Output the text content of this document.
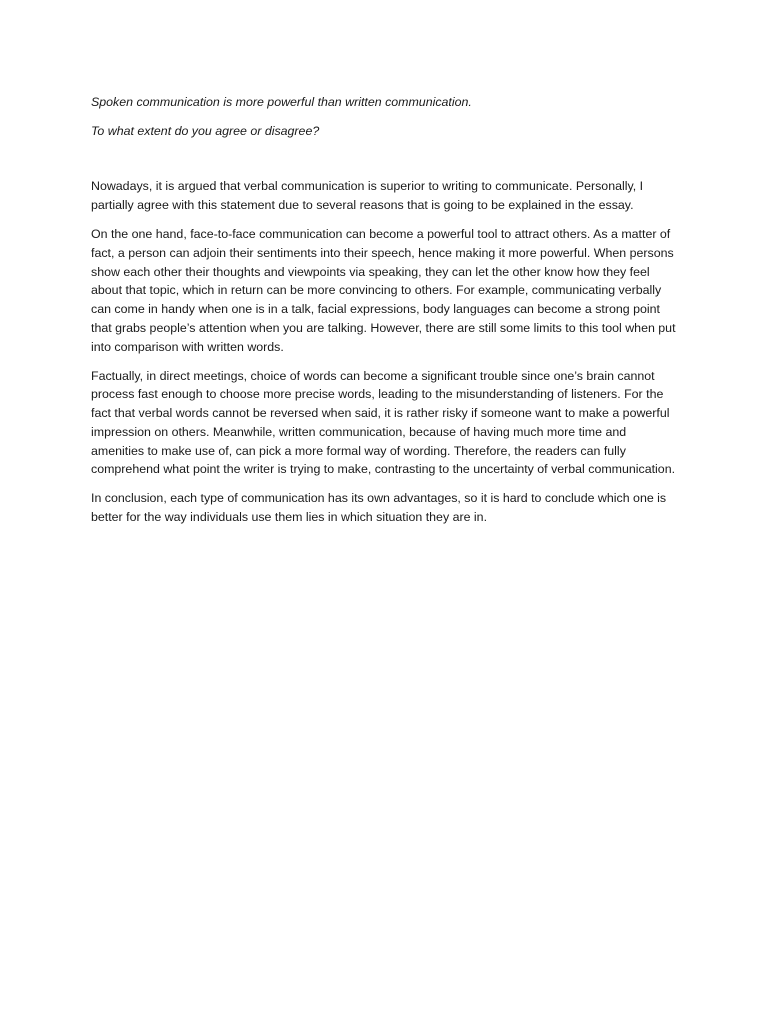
Spoken communication is more powerful than written communication.

To what extent do you agree or disagree?

Nowadays, it is argued that verbal communication is superior to writing to communicate. Personally, I partially agree with this statement due to several reasons that is going to be explained in the essay.

On the one hand, face-to-face communication can become a powerful tool to attract others. As a matter of fact, a person can adjoin their sentiments into their speech, hence making it more powerful. When persons show each other their thoughts and viewpoints via speaking, they can let the other know how they feel about that topic, which in return can be more convincing to others. For example, communicating verbally can come in handy when one is in a talk, facial expressions, body languages can become a strong point that grabs people’s attention when you are talking. However, there are still some limits to this tool when put into comparison with written words.

Factually, in direct meetings, choice of words can become a significant trouble since one’s brain cannot process fast enough to choose more precise words, leading to the misunderstanding of listeners. For the fact that verbal words cannot be reversed when said, it is rather risky if someone want to make a powerful impression on others. Meanwhile, written communication, because of having much more time and amenities to make use of, can pick a more formal way of wording. Therefore, the readers can fully comprehend what point the writer is trying to make, contrasting to the uncertainty of verbal communication.

In conclusion, each type of communication has its own advantages, so it is hard to conclude which one is better for the way individuals use them lies in which situation they are in.
